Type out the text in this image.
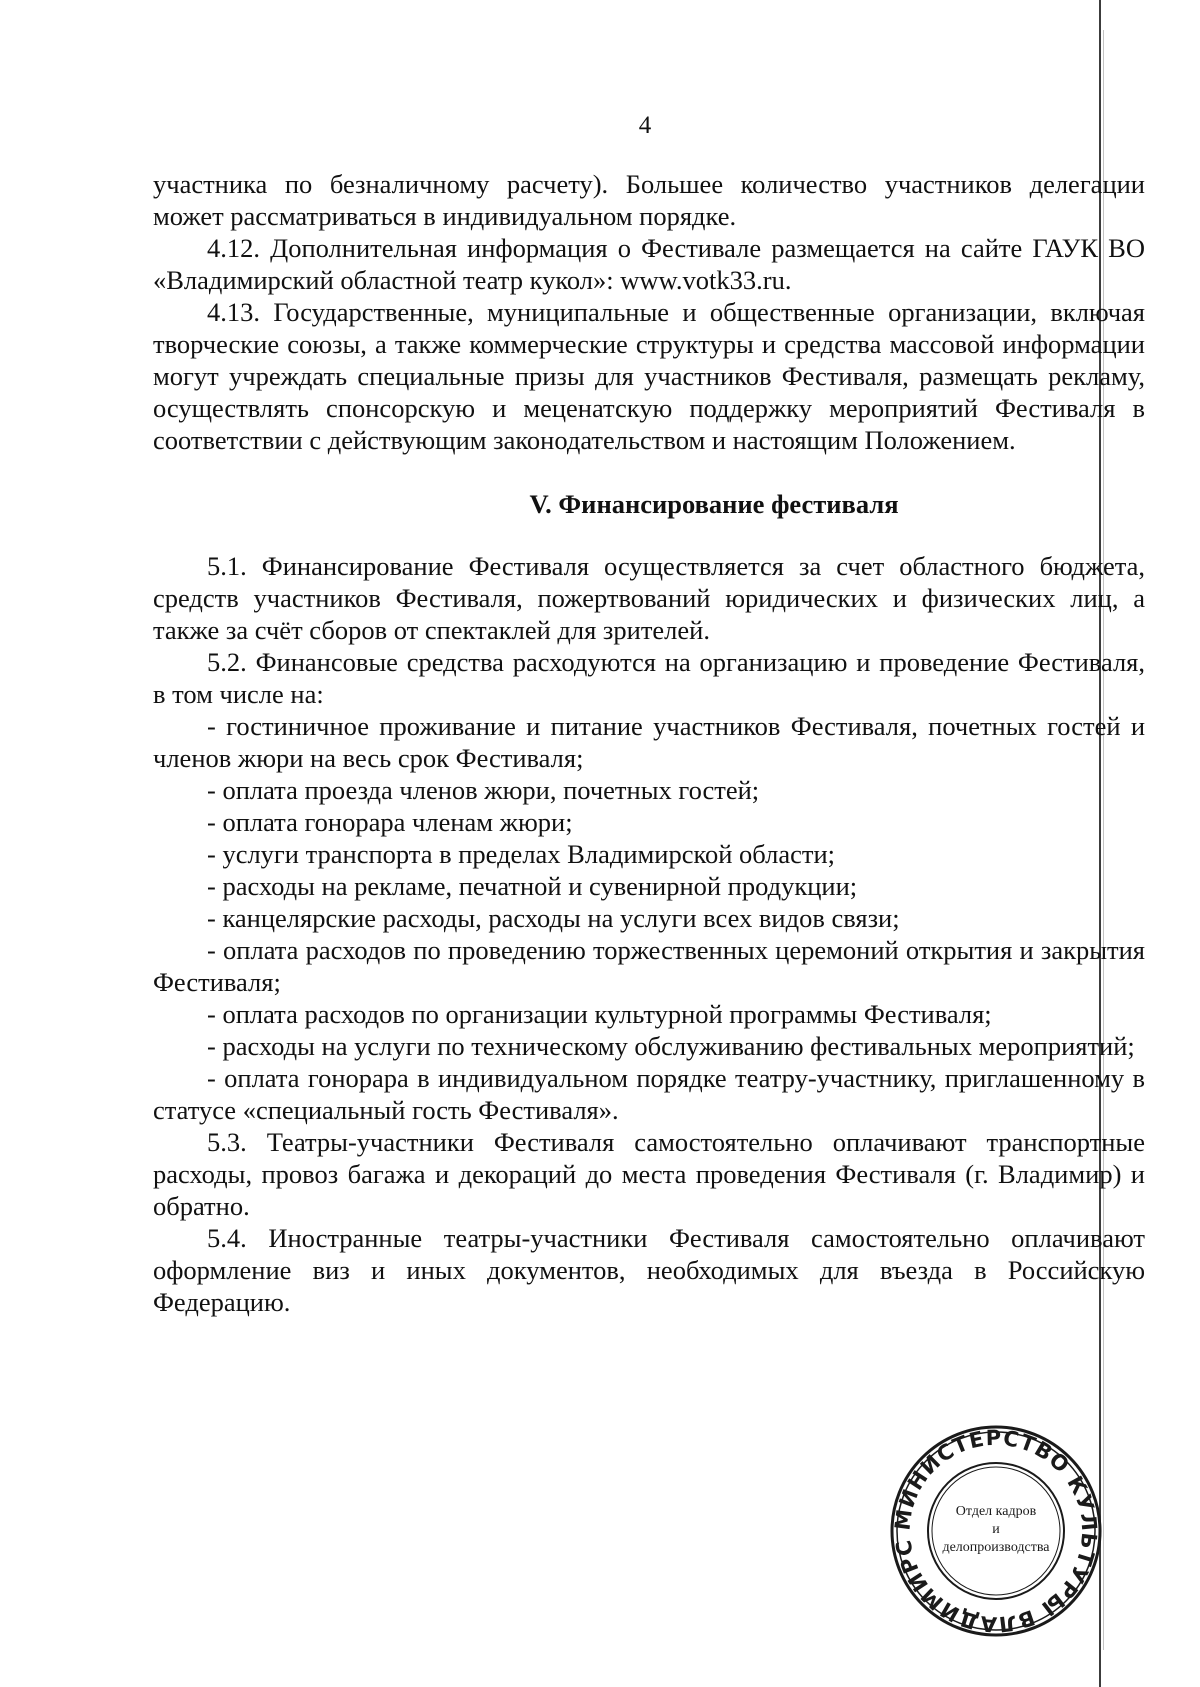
4

участника по безналичному расчету). Большее количество участников делегации может рассматриваться в индивидуальном порядке.

4.12. Дополнительная информация о Фестивале размещается на сайте ГАУК ВО «Владимирский областной театр кукол»: www.votk33.ru.

4.13. Государственные, муниципальные и общественные организации, включая творческие союзы, а также коммерческие структуры и средства массовой информации могут учреждать специальные призы для участников Фестиваля, размещать рекламу, осуществлять спонсорскую и меценатскую поддержку мероприятий Фестиваля в соответствии с действующим законодательством и настоящим Положением.

V. Финансирование фестиваля

5.1. Финансирование Фестиваля осуществляется за счет областного бюджета, средств участников Фестиваля, пожертвований юридических и физических лиц, а также за счёт сборов от спектаклей для зрителей.

5.2. Финансовые средства расходуются на организацию и проведение Фестиваля, в том числе на:

- гостиничное проживание и питание участников Фестиваля, почетных гостей и членов жюри на весь срок Фестиваля;

- оплата проезда членов жюри, почетных гостей;

- оплата гонорара членам жюри;

- услуги транспорта в пределах Владимирской области;

- расходы на рекламе, печатной и сувенирной продукции;

- канцелярские расходы, расходы на услуги всех видов связи;

- оплата расходов по проведению торжественных церемоний открытия и закрытия Фестиваля;

- оплата расходов по организации культурной программы Фестиваля;

- расходы на услуги по техническому обслуживанию фестивальных мероприятий;

- оплата гонорара в индивидуальном порядке театру-участнику, приглашенному в статусе «специальный гость Фестиваля».

5.3. Театры-участники Фестиваля самостоятельно оплачивают транспортные расходы, провоз багажа и декораций до места проведения Фестиваля (г. Владимир) и обратно.

5.4. Иностранные театры-участники Фестиваля самостоятельно оплачивают оформление виз и иных документов, необходимых для въезда в Российскую Федерацию.

МИНИСТЕРСТВО КУЛЬТУРЫ ВЛАДИМИРС
Отдел кадров
и
делопроизводства
